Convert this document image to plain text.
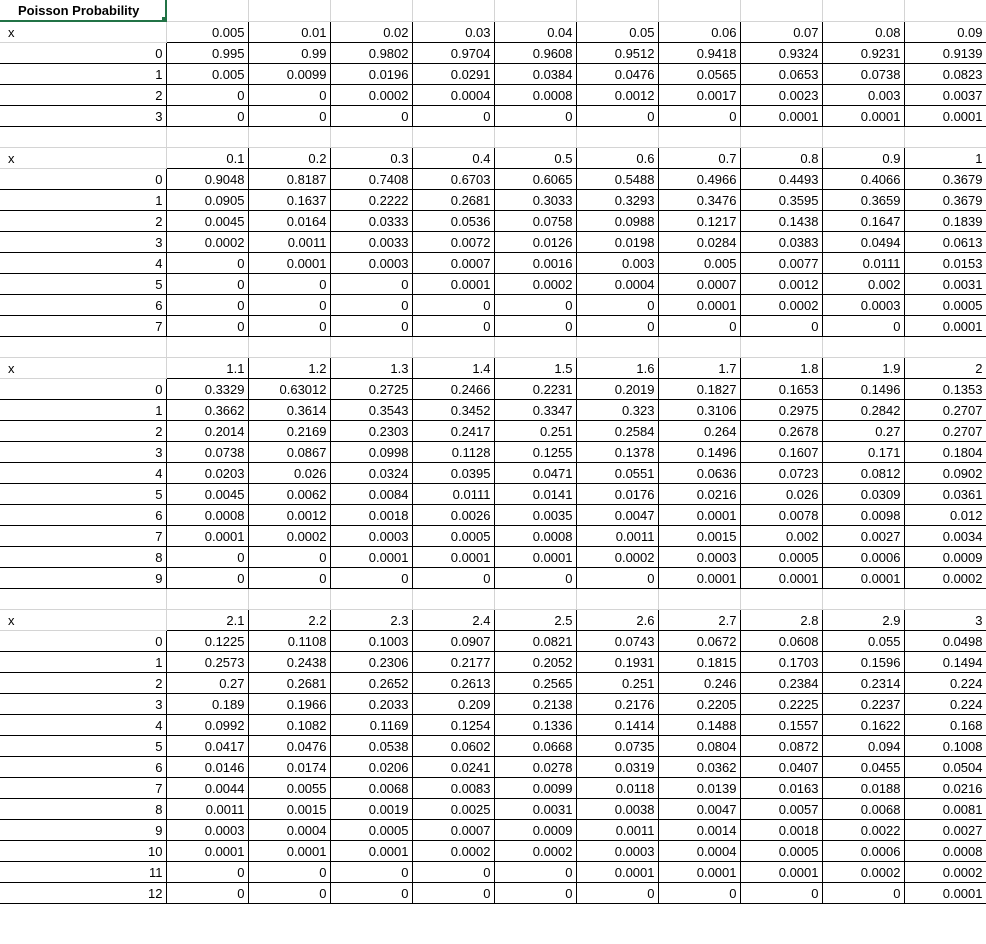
Poisson Probability

x	0.005	0.01	0.02	0.03	0.04	0.05	0.06	0.07	0.08	0.09
0	0.995	0.99	0.9802	0.9704	0.9608	0.9512	0.9418	0.9324	0.9231	0.9139
1	0.005	0.0099	0.0196	0.0291	0.0384	0.0476	0.0565	0.0653	0.0738	0.0823
2	0	0	0.0002	0.0004	0.0008	0.0012	0.0017	0.0023	0.003	0.0037
3	0	0	0	0	0	0	0	0.0001	0.0001	0.0001

x	0.1	0.2	0.3	0.4	0.5	0.6	0.7	0.8	0.9	1
0	0.9048	0.8187	0.7408	0.6703	0.6065	0.5488	0.4966	0.4493	0.4066	0.3679
1	0.0905	0.1637	0.2222	0.2681	0.3033	0.3293	0.3476	0.3595	0.3659	0.3679
2	0.0045	0.0164	0.0333	0.0536	0.0758	0.0988	0.1217	0.1438	0.1647	0.1839
3	0.0002	0.0011	0.0033	0.0072	0.0126	0.0198	0.0284	0.0383	0.0494	0.0613
4	0	0.0001	0.0003	0.0007	0.0016	0.003	0.005	0.0077	0.0111	0.0153
5	0	0	0	0.0001	0.0002	0.0004	0.0007	0.0012	0.002	0.0031
6	0	0	0	0	0	0	0.0001	0.0002	0.0003	0.0005
7	0	0	0	0	0	0	0	0	0	0.0001

x	1.1	1.2	1.3	1.4	1.5	1.6	1.7	1.8	1.9	2
0	0.3329	0.63012	0.2725	0.2466	0.2231	0.2019	0.1827	0.1653	0.1496	0.1353
1	0.3662	0.3614	0.3543	0.3452	0.3347	0.323	0.3106	0.2975	0.2842	0.2707
2	0.2014	0.2169	0.2303	0.2417	0.251	0.2584	0.264	0.2678	0.27	0.2707
3	0.0738	0.0867	0.0998	0.1128	0.1255	0.1378	0.1496	0.1607	0.171	0.1804
4	0.0203	0.026	0.0324	0.0395	0.0471	0.0551	0.0636	0.0723	0.0812	0.0902
5	0.0045	0.0062	0.0084	0.0111	0.0141	0.0176	0.0216	0.026	0.0309	0.0361
6	0.0008	0.0012	0.0018	0.0026	0.0035	0.0047	0.0001	0.0078	0.0098	0.012
7	0.0001	0.0002	0.0003	0.0005	0.0008	0.0011	0.0015	0.002	0.0027	0.0034
8	0	0	0.0001	0.0001	0.0001	0.0002	0.0003	0.0005	0.0006	0.0009
9	0	0	0	0	0	0	0.0001	0.0001	0.0001	0.0002

x	2.1	2.2	2.3	2.4	2.5	2.6	2.7	2.8	2.9	3
0	0.1225	0.1108	0.1003	0.0907	0.0821	0.0743	0.0672	0.0608	0.055	0.0498
1	0.2573	0.2438	0.2306	0.2177	0.2052	0.1931	0.1815	0.1703	0.1596	0.1494
2	0.27	0.2681	0.2652	0.2613	0.2565	0.251	0.246	0.2384	0.2314	0.224
3	0.189	0.1966	0.2033	0.209	0.2138	0.2176	0.2205	0.2225	0.2237	0.224
4	0.0992	0.1082	0.1169	0.1254	0.1336	0.1414	0.1488	0.1557	0.1622	0.168
5	0.0417	0.0476	0.0538	0.0602	0.0668	0.0735	0.0804	0.0872	0.094	0.1008
6	0.0146	0.0174	0.0206	0.0241	0.0278	0.0319	0.0362	0.0407	0.0455	0.0504
7	0.0044	0.0055	0.0068	0.0083	0.0099	0.0118	0.0139	0.0163	0.0188	0.0216
8	0.0011	0.0015	0.0019	0.0025	0.0031	0.0038	0.0047	0.0057	0.0068	0.0081
9	0.0003	0.0004	0.0005	0.0007	0.0009	0.0011	0.0014	0.0018	0.0022	0.0027
10	0.0001	0.0001	0.0001	0.0002	0.0002	0.0003	0.0004	0.0005	0.0006	0.0008
11	0	0	0	0	0	0.0001	0.0001	0.0001	0.0002	0.0002
12	0	0	0	0	0	0	0	0	0	0.0001
